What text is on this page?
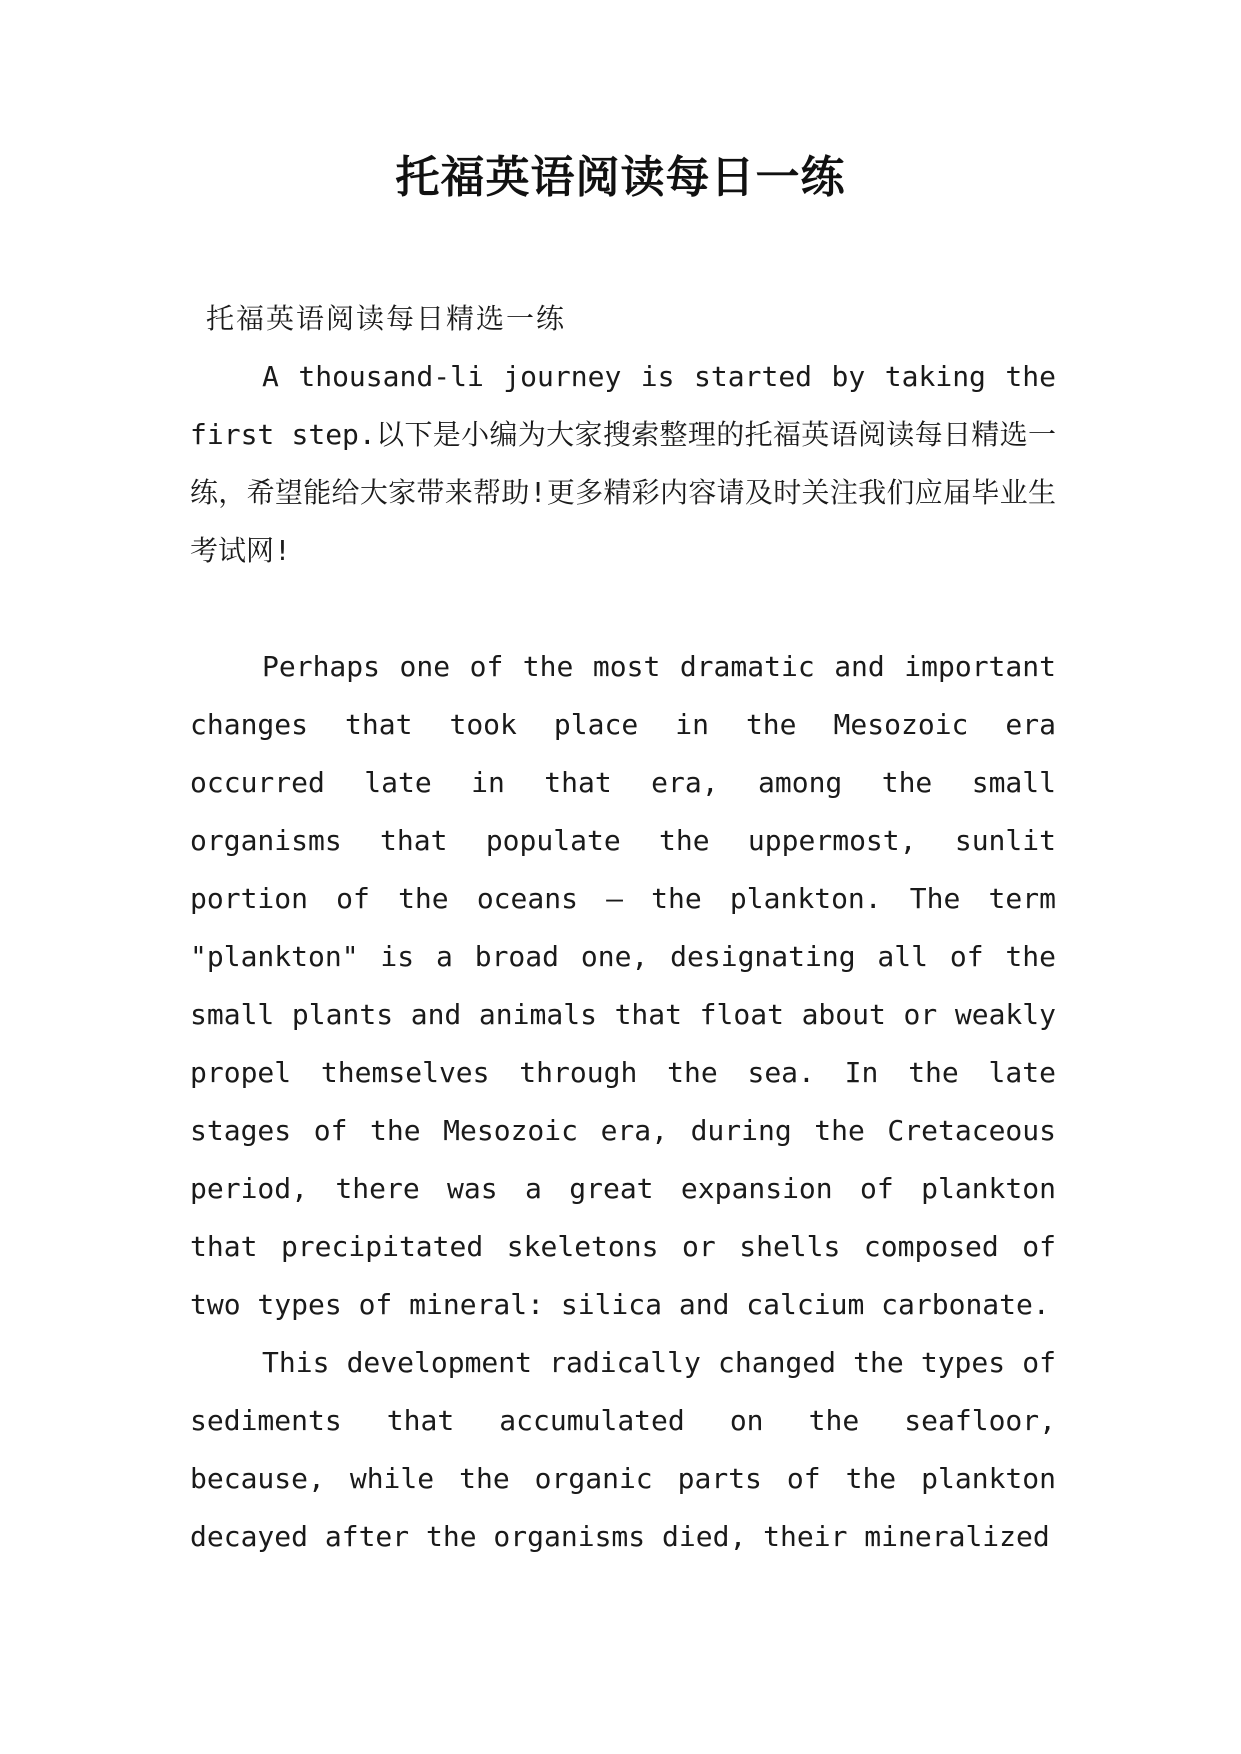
托福英语阅读每日一练

托福英语阅读每日精选一练

A thousand-li journey is started by taking the first step.以下是小编为大家搜索整理的托福英语阅读每日精选一练，希望能给大家带来帮助!更多精彩内容请及时关注我们应届毕业生考试网!

Perhaps one of the most dramatic and important changes that took place in the Mesozoic era occurred late in that era, among the small organisms that populate the uppermost, sunlit portion of the oceans — the plankton. The term "plankton" is a broad one, designating all of the small plants and animals that float about or weakly propel themselves through the sea. In the late stages of the Mesozoic era, during the Cretaceous period, there was a great expansion of plankton that precipitated skeletons or shells composed of two types of mineral: silica and calcium carbonate.

This development radically changed the types of sediments that accumulated on the seafloor, because, while the organic parts of the plankton decayed after the organisms died, their mineralized
